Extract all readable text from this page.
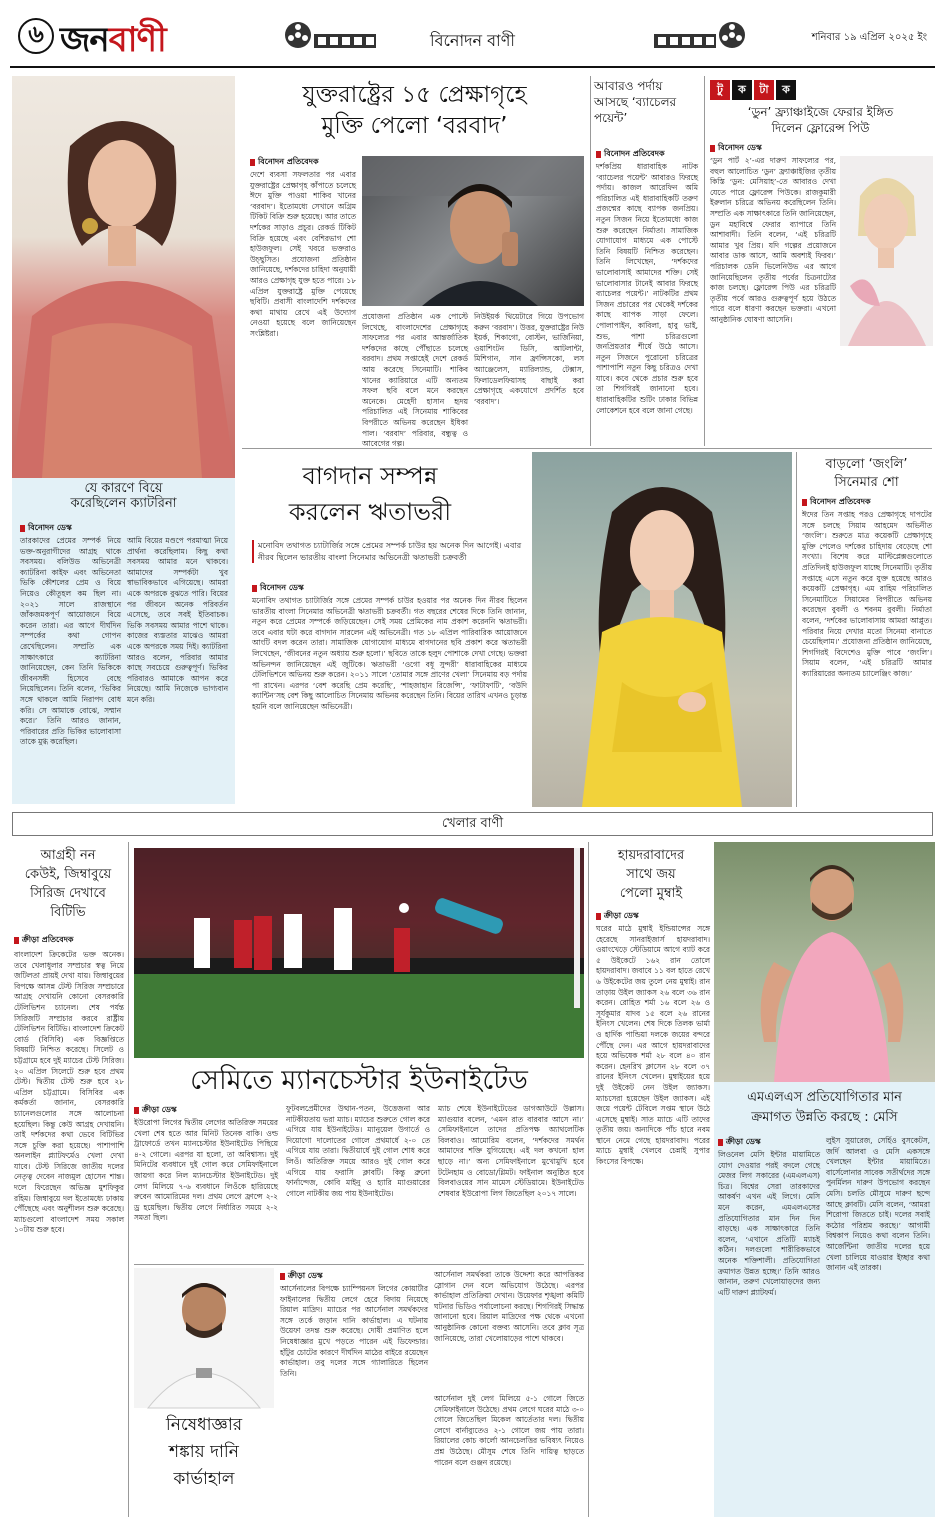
৬ জনবাণী	বিনোদন বাণী	শনিবার ১৯ এপ্রিল ২০২৫ ইং
যে কারণে বিয়ে
করেছিলেন ক্যাটরিনা
বিনোদন ডেস্ক
তারকাদের প্রেমের সম্পর্ক নিয়ে ভক্ত-অনুরাগীদের আগ্রহ থাকে সবসময়। বলিউড অভিনেত্রী ক্যাটরিনা কাইফ এবং অভিনেতা ভিকি কৌশলের প্রেম ও বিয়ে নিয়েও কৌতূহল কম ছিল না। ২০২১ সালে রাজস্থানে জাঁকজমকপূর্ণ আয়োজনে বিয়ে করেন তারা। এর আগে দীর্ঘদিন সম্পর্কের কথা গোপন রেখেছিলেন। সম্প্রতি এক সাক্ষাৎকারে ক্যাটরিনা জানিয়েছেন, কেন তিনি ভিকিকে জীবনসঙ্গী হিসেবে বেছে নিয়েছিলেন। তিনি বলেন, ‘ভিকির সঙ্গে থাকলে আমি নিরাপদ বোধ করি। সে আমাকে বোঝে, সম্মান করে।’ তিনি আরও জানান, পরিবারের প্রতি ভিকির ভালোবাসা তাকে মুগ্ধ করেছিল।
আমি বিয়ের মণ্ডপে পরমাত্মা নিয়ে প্রার্থনা করেছিলাম। কিছু কথা সবসময় আমার মনে থাকবে। আমাদের সম্পর্কটা খুব স্বাভাবিকভাবে এগিয়েছে। আমরা একে অপরকে বুঝতে পারি। বিয়ের পর জীবনে অনেক পরিবর্তন এসেছে, তবে সবই ইতিবাচক। ভিকি সবসময় আমার পাশে থাকে। কাজের ব্যস্ততার মাঝেও আমরা একে অপরকে সময় দিই। ক্যাটরিনা আরও বলেন, পরিবার আমার কাছে সবচেয়ে গুরুত্বপূর্ণ। ভিকির পরিবারও আমাকে আপন করে নিয়েছে। আমি নিজেকে ভাগ্যবান মনে করি।
যুক্তরাষ্ট্রের ১৫ প্রেক্ষাগৃহে
মুক্তি পেলো ‘বরবাদ’
বিনোদন প্রতিবেদক
দেশে ব্যবসা সফলতার পর এবার যুক্তরাষ্ট্রের প্রেক্ষাগৃহ কাঁপাতে চলেছে ঈদে মুক্তি পাওয়া শাকিব খানের ‘বরবাদ’। ইতোমধ্যে সেখানে অগ্রিম টিকিট বিক্রি শুরু হয়েছে। আর তাতে দর্শকের সাড়াও প্রচুর। রেকর্ড টিকিট বিক্রি হয়েছে এবং বেশিরভাগ শো হাউজফুল। সেই খবরে ভক্তরাও উচ্ছ্বসিত। প্রযোজনা প্রতিষ্ঠান জানিয়েছে, দর্শকদের চাহিদা অনুযায়ী আরও প্রেক্ষাগৃহ যুক্ত হতে পারে। ১৮ এপ্রিল যুক্তরাষ্ট্রে মুক্তি পেয়েছে ছবিটি। প্রবাসী বাংলাদেশি দর্শকদের কথা মাথায় রেখে এই উদ্যোগ নেওয়া হয়েছে বলে জানিয়েছেন সংশ্লিষ্টরা।
প্রযোজনা প্রতিষ্ঠান এক পোস্টে লিখেছে, বাংলাদেশের প্রেক্ষাগৃহে সাফল্যের পর এবার আন্তর্জাতিক দর্শকদের কাছে পৌঁছাতে চলেছে বরবাদ। প্রথম সপ্তাহেই দেশে রেকর্ড আয় করেছে সিনেমাটি। শাকিব খানের ক্যারিয়ারে এটি অন্যতম সফল ছবি বলে মনে করছেন অনেকে। মেহেদী হাসান হৃদয় পরিচালিত এই সিনেমায় শাকিবের বিপরীতে অভিনয় করেছেন ইধিকা পাল। ‘বরবাদ’ পরিবার, বন্ধুত্ব ও আবেগের গল্প।
নিউইয়র্ক থিয়েটারে গিয়ে উপভোগ করুন ‘বরবাদ’। উত্তর, যুক্তরাষ্ট্রের নিউ ইয়র্ক, শিকাগো, বোস্টন, ভার্জিনিয়া, ওয়াশিংটন ডিসি, আটলান্টা, মিশিগান, সান ফ্রান্সিসকো, লস অ্যাঞ্জেলেস, ম্যারিল্যান্ড, টেক্সাস, ফিলাডেলফিয়াসহ বাছাই করা প্রেক্ষাগৃহে একযোগে প্রদর্শিত হবে ‘বরবাদ’।
আবারও পর্দায়
আসছে ‘ব্যাচেলর
পয়েন্ট’
বিনোদন প্রতিবেদক
দর্শকপ্রিয় ধারাবাহিক নাটক ‘ব্যাচেলর পয়েন্ট’ আবারও ফিরছে পর্দায়। কাজল আরেফিন অমি পরিচালিত এই ধারাবাহিকটি তরুণ প্রজন্মের কাছে ব্যাপক জনপ্রিয়। নতুন সিজন নিয়ে ইতোমধ্যে কাজ শুরু করেছেন নির্মাতা। সামাজিক যোগাযোগ মাধ্যমে এক পোস্টে তিনি বিষয়টি নিশ্চিত করেছেন। তিনি লিখেছেন, ‘দর্শকদের ভালোবাসাই আমাদের শক্তি। সেই ভালোবাসার টানেই আবার ফিরছে ব্যাচেলর পয়েন্ট।’ নাটকটির প্রথম সিজন প্রচারের পর থেকেই দর্শকের কাছে ব্যাপক সাড়া ফেলে। পোলাপাইন, কাবিলা, হাবু ভাই, শুভ, পাশা চরিত্রগুলো জনপ্রিয়তার শীর্ষে উঠে আসে। নতুন সিজনে পুরোনো চরিত্রের পাশাপাশি নতুন কিছু চরিত্রও দেখা যাবে। কবে থেকে প্রচার শুরু হবে তা শিগগিরই জানানো হবে। ধারাবাহিকটির শুটিং ঢাকার বিভিন্ন লোকেশনে হবে বলে জানা গেছে।
টু	ক	টা	ক
‘ডুন’ ফ্র্যাঞ্চাইজে ফেরার ইঙ্গিত
দিলেন ফ্লোরেন্স পিউ
বিনোদন ডেস্ক
‘ডুন পার্ট ২’-এর দারুণ সাফল্যের পর, বহুল আলোচিত ‘ডুন’ ফ্র্যাঞ্চাইজির তৃতীয় কিস্তি ‘ডুন: মেসিয়াহ’-তে আবারও দেখা যেতে পারে ফ্লোরেন্স পিউকে। রাজকুমারী ইরুলান চরিত্রে অভিনয় করেছিলেন তিনি। সম্প্রতি এক সাক্ষাৎকারে তিনি জানিয়েছেন, ডুন মহাবিশ্বে ফেরার ব্যাপারে তিনি আশাবাদী। তিনি বলেন, ‘এই চরিত্রটি আমার খুব প্রিয়। যদি গল্পের প্রয়োজনে আবার ডাক আসে, আমি অবশ্যই ফিরব।’ পরিচালক ডেনি ভিলেনিউভ এর আগে জানিয়েছিলেন তৃতীয় পর্বের চিত্রনাট্যের কাজ চলছে। ফ্লোরেন্স পিউ এর চরিত্রটি তৃতীয় পর্বে আরও গুরুত্বপূর্ণ হয়ে উঠতে পারে বলে ধারণা করছেন ভক্তরা। এখনো আনুষ্ঠানিক ঘোষণা আসেনি।
বাগদান সম্পন্ন
করলেন ঋতাভরী
মনোবিদ তথাগত চ্যাটার্জির সঙ্গে প্রেমের সম্পর্ক চাউর হয় অনেক দিন আগেই। এবার নীরব ছিলেন ভারতীয় বাংলা সিনেমার অভিনেত্রী ঋতাভরী চক্রবর্তী
বিনোদন ডেস্ক
মনোবিদ তথাগত চ্যাটার্জির সঙ্গে প্রেমের সম্পর্ক চাউর হওয়ার পর অনেক দিন নীরব ছিলেন ভারতীয় বাংলা সিনেমার অভিনেত্রী ঋতাভরী চক্রবর্তী। গত বছরের শেষের দিকে তিনি জানান, নতুন করে প্রেমের সম্পর্কে জড়িয়েছেন। সেই সময় প্রেমিকের নাম প্রকাশ করেননি ঋতাভরী। তবে এবার ঘটা করে বাগদান সারলেন এই অভিনেত্রী। গত ১৮ এপ্রিল পারিবারিক আয়োজনে আংটি বদল করেন তারা। সামাজিক যোগাযোগ মাধ্যমে বাগদানের ছবি প্রকাশ করে ঋতাভরী লিখেছেন, ‘জীবনের নতুন অধ্যায় শুরু হলো।’ ছবিতে তাকে হলুদ পোশাকে দেখা গেছে। ভক্তরা অভিনন্দন জানিয়েছেন এই জুটিকে। ঋতাভরী ‘ওগো বধূ সুন্দরী’ ধারাবাহিকের মাধ্যমে টেলিভিশনে অভিনয় শুরু করেন। ২০১১ সালে ‘তোমার সঙ্গে প্রাণের খেলা’ সিনেমায় বড় পর্দায় পা রাখেন। এরপর ‘বেশ করেছি প্রেম করেছি’, ‘শাহজাহান রিজেন্সি’, ‘ফাটাফাটি’, ‘বউদি ক্যান্টিন’সহ বেশ কিছু আলোচিত সিনেমায় অভিনয় করেছেন তিনি। বিয়ের তারিখ এখনও চূড়ান্ত হয়নি বলে জানিয়েছেন অভিনেত্রী।
বাড়লো ‘জংলি’
সিনেমার শো
বিনোদন প্রতিবেদক
ঈদের তিন সপ্তাহ পরও প্রেক্ষাগৃহে দাপটের সঙ্গে চলছে সিয়াম আহমেদ অভিনীত ‘জংলি’। শুরুতে মাত্র কয়েকটি প্রেক্ষাগৃহে মুক্তি পেলেও দর্শকের চাহিদায় বেড়েছে শো সংখ্যা। বিশেষ করে মাল্টিপ্লেক্সগুলোতে প্রতিদিনই হাউজফুল যাচ্ছে সিনেমাটি। তৃতীয় সপ্তাহে এসে নতুন করে যুক্ত হয়েছে আরও কয়েকটি প্রেক্ষাগৃহ। এম রাহিম পরিচালিত সিনেমাটিতে সিয়ামের বিপরীতে অভিনয় করেছেন বুবলী ও শবনম বুবলী। নির্মাতা বলেন, ‘দর্শকের ভালোবাসায় আমরা আপ্লুত। পরিবার নিয়ে দেখার মতো সিনেমা বানাতে চেয়েছিলাম।’ প্রযোজনা প্রতিষ্ঠান জানিয়েছে, শিগগিরই বিদেশেও মুক্তি পাবে ‘জংলি’। সিয়াম বলেন, ‘এই চরিত্রটি আমার ক্যারিয়ারের অন্যতম চ্যালেঞ্জিং কাজ।’
খেলার বাণী
আগ্রহী নন
কেউই, জিম্বাবুয়ে
সিরিজ দেখাবে
বিটিভি
ক্রীড়া প্রতিবেদক
বাংলাদেশ ক্রিকেটের ভক্ত অনেক। তবে খেলাধুলার সম্প্রচার স্বত্ব নিয়ে জটিলতা প্রায়ই দেখা যায়। জিম্বাবুয়ের বিপক্ষে আসন্ন টেস্ট সিরিজ সম্প্রচারে আগ্রহ দেখায়নি কোনো বেসরকারি টেলিভিশন চ্যানেল। শেষ পর্যন্ত সিরিজটি সম্প্রচার করবে রাষ্ট্রীয় টেলিভিশন বিটিভি। বাংলাদেশ ক্রিকেট বোর্ড (বিসিবি) এক বিজ্ঞপ্তিতে বিষয়টি নিশ্চিত করেছে। সিলেট ও চট্টগ্রামে হবে দুই ম্যাচের টেস্ট সিরিজ। ২০ এপ্রিল সিলেটে শুরু হবে প্রথম টেস্ট। দ্বিতীয় টেস্ট শুরু হবে ২৮ এপ্রিল চট্টগ্রামে। বিসিবির এক কর্মকর্তা জানান, বেসরকারি চ্যানেলগুলোর সঙ্গে আলোচনা হয়েছিল। কিন্তু কেউ আগ্রহ দেখায়নি। তাই দর্শকদের কথা ভেবে বিটিভির সঙ্গে চুক্তি করা হয়েছে। পাশাপাশি অনলাইন প্ল্যাটফর্মেও খেলা দেখা যাবে। টেস্ট সিরিজে জাতীয় দলের নেতৃত্ব দেবেন নাজমুল হোসেন শান্ত। দলে ফিরেছেন অভিজ্ঞ মুশফিকুর রহিম। জিম্বাবুয়ে দল ইতোমধ্যে ঢাকায় পৌঁছেছে এবং অনুশীলন শুরু করেছে। ম্যাচগুলো বাংলাদেশ সময় সকাল ১০টায় শুরু হবে।
সেমিতে ম্যানচেস্টার ইউনাইটেড
ক্রীড়া ডেস্ক
ইউরোপা লিগের দ্বিতীয় লেগের অতিরিক্ত সময়ের খেলা শেষ হতে আর মিনিট তিনেক বাকি। ওল্ড ট্রাফোর্ডে তখন ম্যানচেস্টার ইউনাইটেড পিছিয়ে ৪-২ গোলে। এরপর যা হলো, তা অবিশ্বাস্য। দুই মিনিটের ব্যবধানে দুই গোল করে সেমিফাইনালে জায়গা করে নিল ম্যানচেস্টার ইউনাইটেড। দুই লেগ মিলিয়ে ৭-৬ ব্যবধানে লিওঁকে হারিয়েছে রুবেন আমোরিমের দল। প্রথম লেগে ফ্রান্সে ২-২ ড্র হয়েছিল। দ্বিতীয় লেগে নির্ধারিত সময়ে ২-২ সমতা ছিল।
ফুটবলপ্রেমীদের উত্থান-পতন, উত্তেজনা আর নাটকীয়তায় ভরা ম্যাচ। ম্যাচের শুরুতে গোল করে এগিয়ে যায় ইউনাইটেড। ম্যানুয়েল উগার্তে ও দিয়োগো দালোতের গোলে প্রথমার্ধে ২-০ তে এগিয়ে যায় তারা। দ্বিতীয়ার্ধে দুই গোল শোধ করে লিওঁ। অতিরিক্ত সময়ে আরও দুই গোল করে এগিয়ে যায় ফরাসি ক্লাবটি। কিন্তু ব্রুনো ফার্নান্দেজ, কোবি মাইনু ও হ্যারি ম্যাগুয়ারের গোলে নাটকীয় জয় পায় ইউনাইটেড।
ম্যাচ শেষে ইউনাইটেডের ডাগআউটে উল্লাস। ম্যাগুয়ার বলেন, ‘এমন রাত বারবার আসে না।’ সেমিফাইনালে তাদের প্রতিপক্ষ অ্যাথলেটিক বিলবাও। আমোরিম বলেন, ‘দর্শকদের সমর্থন আমাদের শক্তি যুগিয়েছে। এই দল কখনো হাল ছাড়ে না।’ অন্য সেমিফাইনালে মুখোমুখি হবে টটেনহাম ও বোডো/গ্লিমট। ফাইনাল অনুষ্ঠিত হবে বিলবাওয়ের সান মামেস স্টেডিয়ামে। ইউনাইটেড শেষবার ইউরোপা লিগ জিতেছিল ২০১৭ সালে।
ক্রীড়া ডেস্ক
আর্সেনালের বিপক্ষে চ্যাম্পিয়নস লিগের কোয়ার্টার ফাইনালের দ্বিতীয় লেগে হেরে বিদায় নিয়েছে রিয়াল মাদ্রিদ। ম্যাচের পর আর্সেনাল সমর্থকদের সঙ্গে তর্কে জড়ান দানি কার্ভাহাল। এ ঘটনায় উয়েফা তদন্ত শুরু করেছে। দোষী প্রমাণিত হলে নিষেধাজ্ঞার মুখে পড়তে পারেন এই ডিফেন্ডার। হাঁটুর চোটের কারণে দীর্ঘদিন মাঠের বাইরে রয়েছেন কার্ভাহাল। তবু দলের সঙ্গে গ্যালারিতে ছিলেন তিনি।
আর্সেনাল সমর্থকরা তাকে উদ্দেশ্য করে আপত্তিকর স্লোগান দেন বলে অভিযোগ উঠেছে। এরপর কার্ভাহাল প্রতিক্রিয়া দেখান। উয়েফার শৃঙ্খলা কমিটি ঘটনার ভিডিও পর্যালোচনা করছে। শিগগিরই সিদ্ধান্ত জানানো হবে। রিয়াল মাদ্রিদের পক্ষ থেকে এখনো আনুষ্ঠানিক কোনো বক্তব্য আসেনি। তবে ক্লাব সূত্র জানিয়েছে, তারা খেলোয়াড়ের পাশে থাকবে।
আর্সেনাল দুই লেগ মিলিয়ে ৫-১ গোলে জিতে সেমিফাইনালে উঠেছে। প্রথম লেগে ঘরের মাঠে ৩-০ গোলে জিতেছিল মিকেল আর্তেতার দল। দ্বিতীয় লেগে বার্নাব্যুতেও ২-১ গোলে জয় পায় তারা। রিয়ালের কোচ কার্লো আনচেলত্তির ভবিষ্যৎ নিয়েও প্রশ্ন উঠেছে। মৌসুম শেষে তিনি দায়িত্ব ছাড়তে পারেন বলে গুঞ্জন রয়েছে।
নিষেধাজ্ঞার
শঙ্কায় দানি
কার্ভাহাল
হায়দরাবাদের
সাথে জয়
পেলো মুম্বাই
ক্রীড়া ডেস্ক
ঘরের মাঠে মুম্বাই ইন্ডিয়ান্সের সঙ্গে হেরেছে সানরাইজার্স হায়দরাবাদ। ওয়াংখেড়ে স্টেডিয়ামে আগে ব্যাট করে ৫ উইকেটে ১৬২ রান তোলে হায়দরাবাদ। জবাবে ১১ বল হাতে রেখে ৬ উইকেটের জয় তুলে নেয় মুম্বাই। রান তাড়ায় উইল জ্যাকস ২৬ বলে ৩৬ রান করেন। রোহিত শর্মা ১৬ বলে ২৬ ও সূর্যকুমার যাদব ১৫ বলে ২৬ রানের ইনিংস খেলেন। শেষ দিকে তিলক ভার্মা ও হার্দিক পান্ডিয়া দলকে জয়ের বন্দরে পৌঁছে দেন। এর আগে হায়দরাবাদের হয়ে অভিষেক শর্মা ২৮ বলে ৪০ রান করেন। হেনরিখ ক্লাসেন ২৮ বলে ৩৭ রানের ইনিংস খেলেন। মুম্বাইয়ের হয়ে দুই উইকেট নেন উইল জ্যাকস। ম্যাচসেরা হয়েছেন উইল জ্যাকস। এই জয়ে পয়েন্ট টেবিলে সপ্তম স্থানে উঠে এসেছে মুম্বাই। সাত ম্যাচে এটি তাদের তৃতীয় জয়। অন্যদিকে পাঁচ হারে নবম স্থানে নেমে গেছে হায়দরাবাদ। পরের ম্যাচে মুম্বাই খেলবে চেন্নাই সুপার কিংসের বিপক্ষে।
এমএলএস প্রতিযোগিতার মান
ক্রমাগত উন্নতি করছে : মেসি
ক্রীড়া ডেস্ক
লিওনেল মেসি ইন্টার মায়ামিতে যোগ দেওয়ার পরই বদলে গেছে মেজর লিগ সকারের (এমএলএস) চিত্র। বিশ্বের সেরা তারকাদের আকর্ষণ এখন এই লিগে। মেসি মনে করেন, এমএলএসের প্রতিযোগিতার মান দিন দিন বাড়ছে। এক সাক্ষাৎকারে তিনি বলেন, ‘এখানে প্রতিটি ম্যাচই কঠিন। দলগুলো শারীরিকভাবে অনেক শক্তিশালী। প্রতিযোগিতা ক্রমাগত উন্নত হচ্ছে।’ তিনি আরও জানান, তরুণ খেলোয়াড়দের জন্য এটি দারুণ প্ল্যাটফর্ম।
লুইস সুয়ারেজ, সের্হিও বুসকেটস, জর্দি আলবা ও মেসি একসঙ্গে খেলছেন ইন্টার মায়ামিতে। বার্সেলোনার সাবেক সতীর্থদের সঙ্গে পুনর্মিলন দারুণ উপভোগ করছেন মেসি। চলতি মৌসুমে দারুণ ছন্দে আছে ক্লাবটি। মেসি বলেন, ‘আমরা শিরোপা জিততে চাই। দলের সবাই কঠোর পরিশ্রম করছে।’ আগামী বিশ্বকাপ নিয়েও কথা বলেন তিনি। আর্জেন্টিনা জাতীয় দলের হয়ে খেলা চালিয়ে যাওয়ার ইচ্ছার কথা জানান এই তারকা।
